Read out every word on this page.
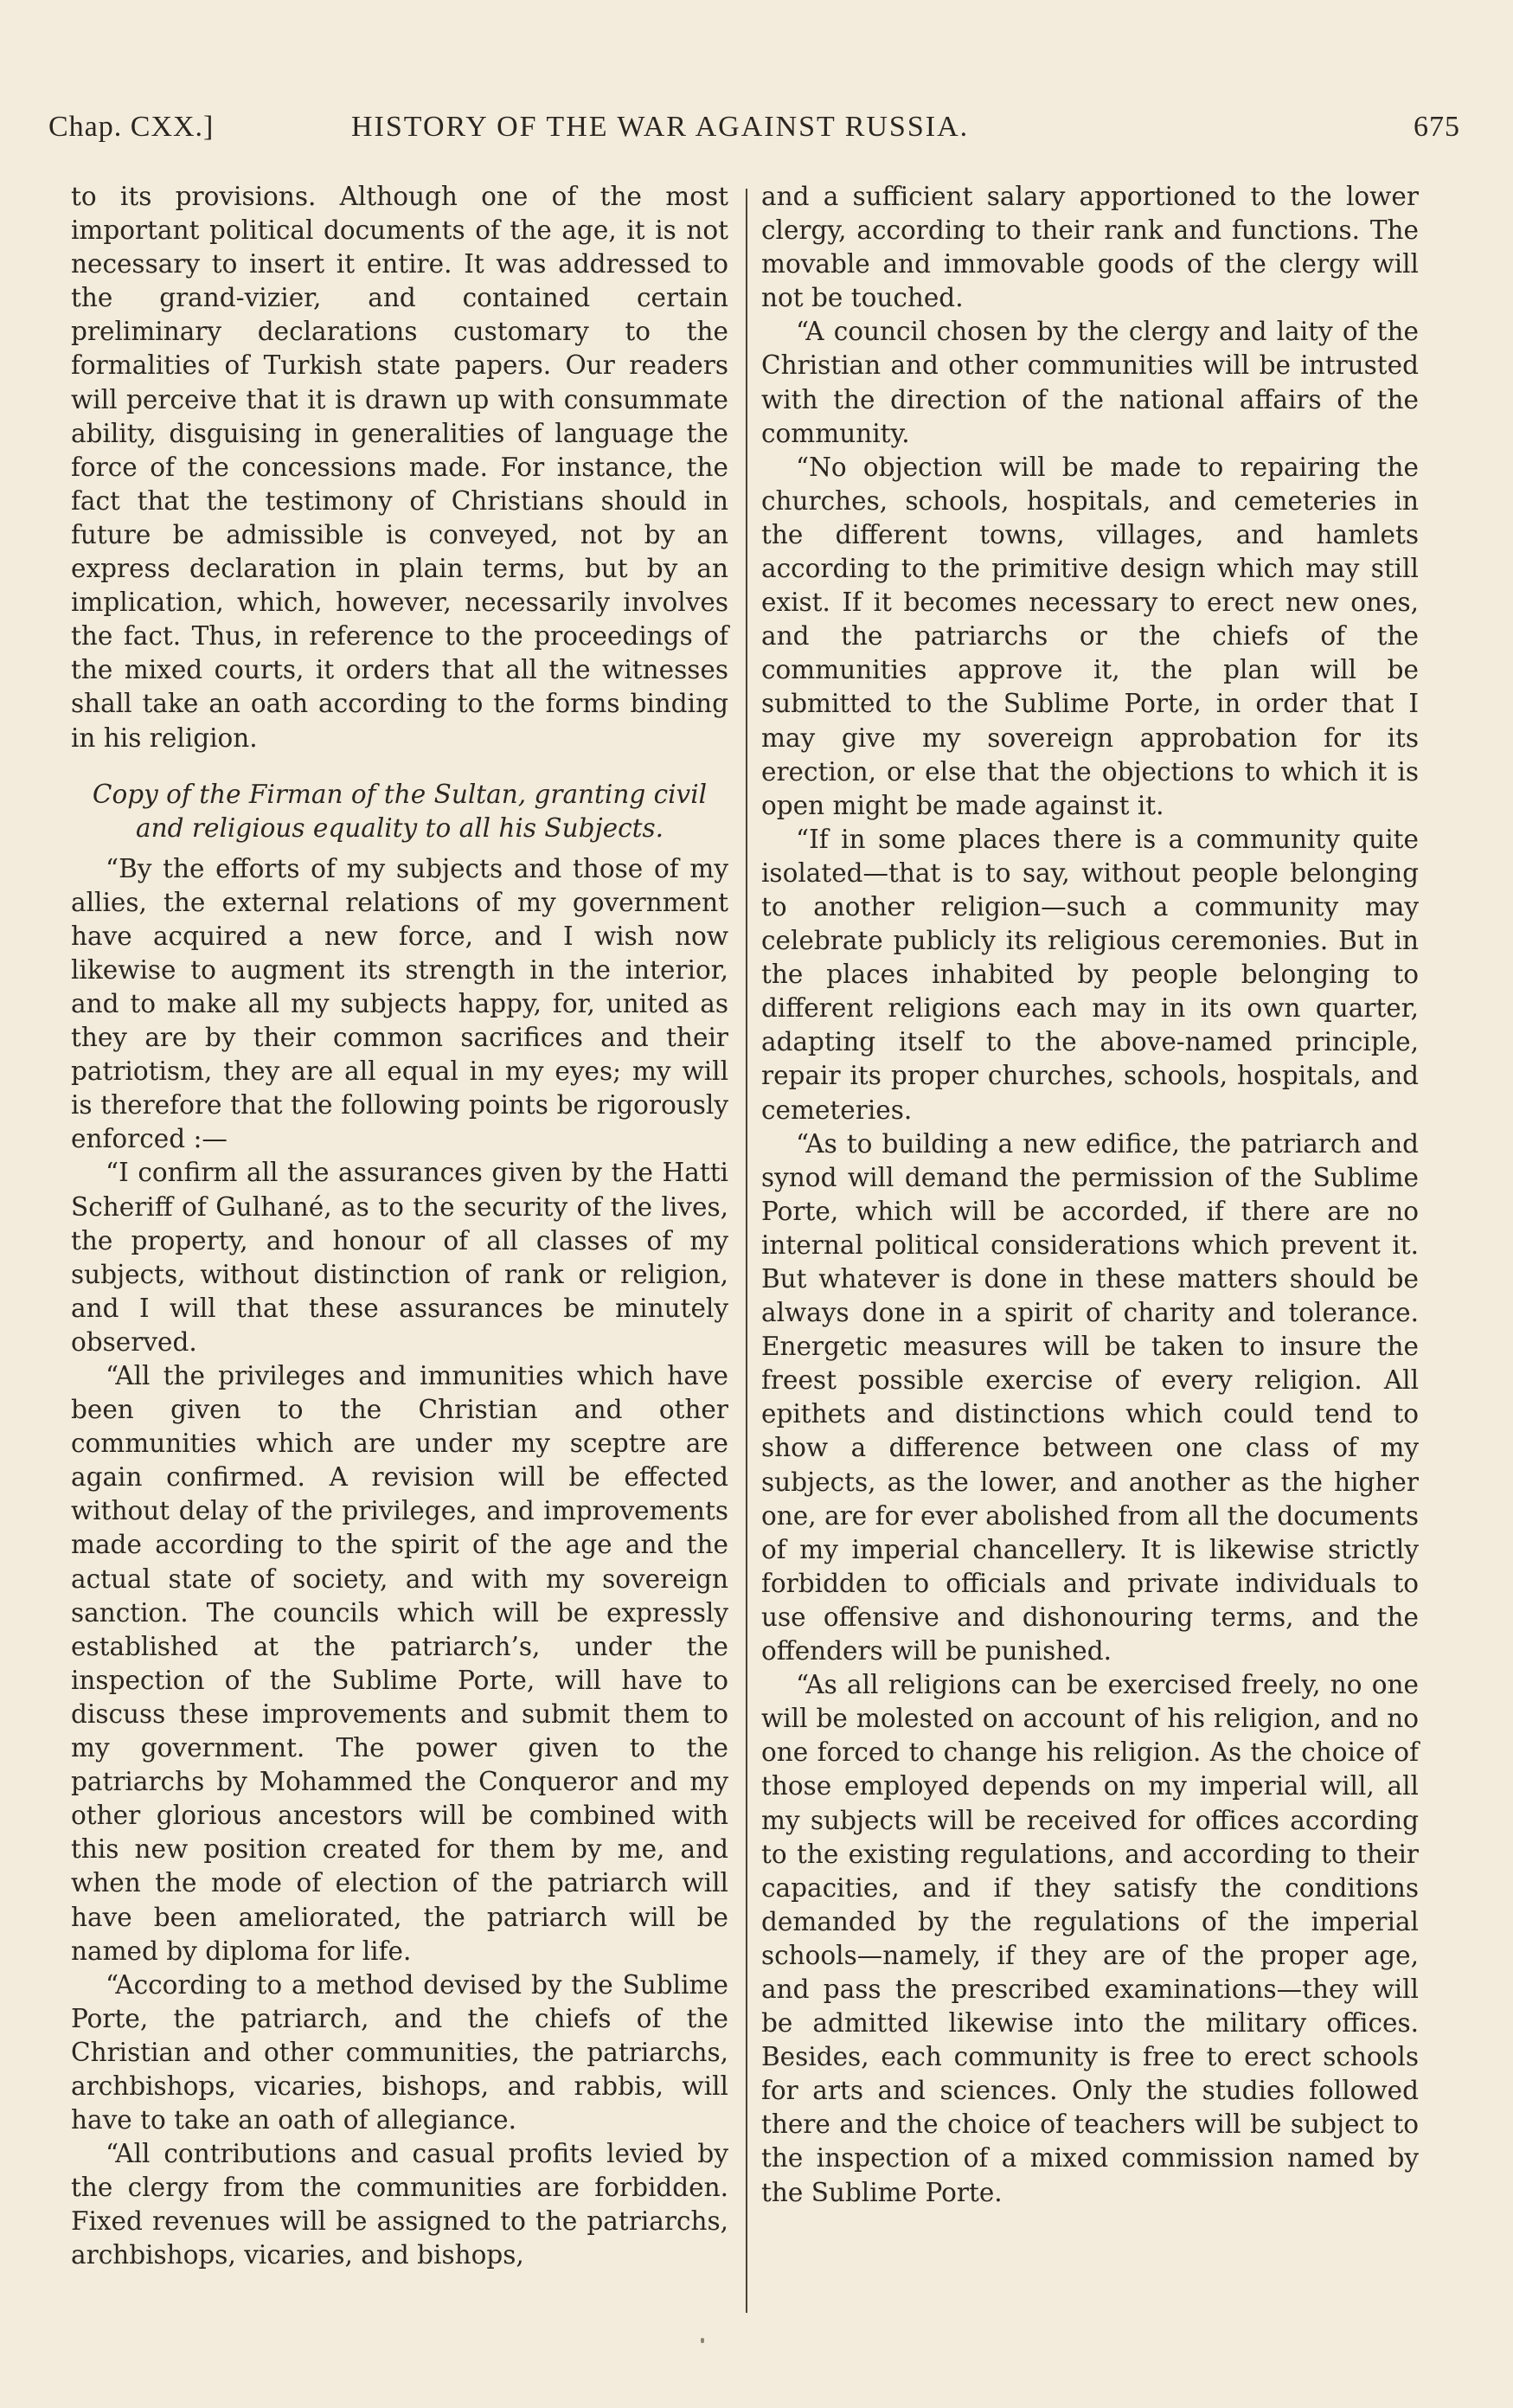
Chap. CXX.]	HISTORY OF THE WAR AGAINST RUSSIA.	675

to its provisions. Although one of the most important political documents of the age, it is not necessary to insert it entire. It was addressed to the grand-vizier, and contained certain preliminary declarations customary to the formalities of Turkish state papers. Our readers will perceive that it is drawn up with consummate ability, disguising in generalities of language the force of the concessions made. For instance, the fact that the testimony of Christians should in future be admissible is conveyed, not by an express declaration in plain terms, but by an implication, which, however, necessarily involves the fact. Thus, in reference to the proceedings of the mixed courts, it orders that all the witnesses shall take an oath according to the forms binding in his religion.

Copy of the Firman of the Sultan, granting civil and religious equality to all his Subjects.

“By the efforts of my subjects and those of my allies, the external relations of my government have acquired a new force, and I wish now likewise to augment its strength in the interior, and to make all my subjects happy, for, united as they are by their common sacrifices and their patriotism, they are all equal in my eyes; my will is therefore that the following points be rigorously enforced :—

“I confirm all the assurances given by the Hatti Scheriff of Gulhané, as to the security of the lives, the property, and honour of all classes of my subjects, without distinction of rank or religion, and I will that these assurances be minutely observed.

“All the privileges and immunities which have been given to the Christian and other communities which are under my sceptre are again confirmed. A revision will be effected without delay of the privileges, and improvements made according to the spirit of the age and the actual state of society, and with my sovereign sanction. The councils which will be expressly established at the patriarch’s, under the inspection of the Sublime Porte, will have to discuss these improvements and submit them to my government. The power given to the patriarchs by Mohammed the Conqueror and my other glorious ancestors will be combined with this new position created for them by me, and when the mode of election of the patriarch will have been ameliorated, the patriarch will be named by diploma for life.

“According to a method devised by the Sublime Porte, the patriarch, and the chiefs of the Christian and other communities, the patriarchs, archbishops, vicaries, bishops, and rabbis, will have to take an oath of allegiance.

“All contributions and casual profits levied by the clergy from the communities are forbidden. Fixed revenues will be assigned to the patriarchs, archbishops, vicaries, and bishops,

and a sufficient salary apportioned to the lower clergy, according to their rank and functions. The movable and immovable goods of the clergy will not be touched.

“A council chosen by the clergy and laity of the Christian and other communities will be intrusted with the direction of the national affairs of the community.

“No objection will be made to repairing the churches, schools, hospitals, and cemeteries in the different towns, villages, and hamlets according to the primitive design which may still exist. If it becomes necessary to erect new ones, and the patriarchs or the chiefs of the communities approve it, the plan will be submitted to the Sublime Porte, in order that I may give my sovereign approbation for its erection, or else that the objections to which it is open might be made against it.

“If in some places there is a community quite isolated—that is to say, without people belonging to another religion—such a community may celebrate publicly its religious ceremonies. But in the places inhabited by people belonging to different religions each may in its own quarter, adapting itself to the above-named principle, repair its proper churches, schools, hospitals, and cemeteries.

“As to building a new edifice, the patriarch and synod will demand the permission of the Sublime Porte, which will be accorded, if there are no internal political considerations which prevent it. But whatever is done in these matters should be always done in a spirit of charity and tolerance. Energetic measures will be taken to insure the freest possible exercise of every religion. All epithets and distinctions which could tend to show a difference between one class of my subjects, as the lower, and another as the higher one, are for ever abolished from all the documents of my imperial chancellery. It is likewise strictly forbidden to officials and private individuals to use offensive and dishonouring terms, and the offenders will be punished.

“As all religions can be exercised freely, no one will be molested on account of his religion, and no one forced to change his religion. As the choice of those employed depends on my imperial will, all my subjects will be received for offices according to the existing regulations, and according to their capacities, and if they satisfy the conditions demanded by the regulations of the imperial schools—namely, if they are of the proper age, and pass the prescribed examinations—they will be admitted likewise into the military offices. Besides, each community is free to erect schools for arts and sciences. Only the studies followed there and the choice of teachers will be subject to the inspection of a mixed commission named by the Sublime Porte.
